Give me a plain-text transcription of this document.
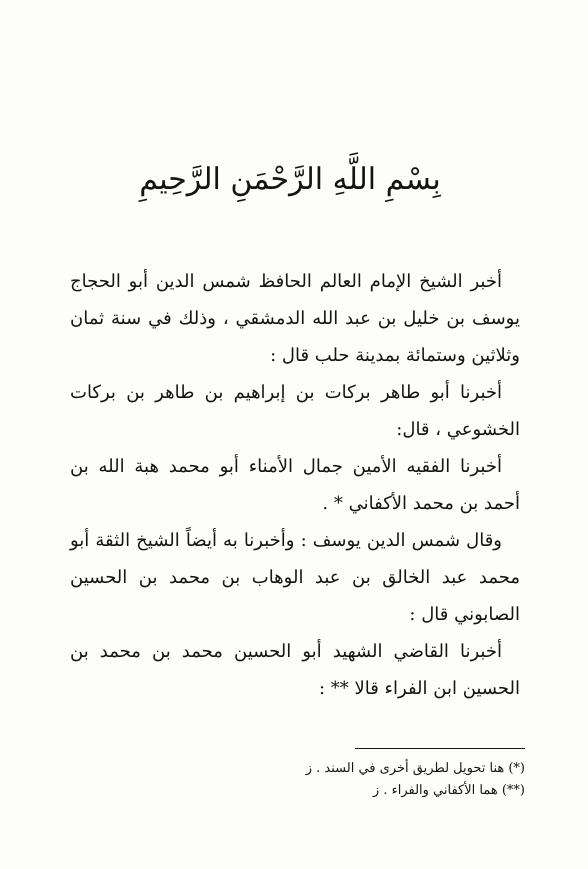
بِسْمِ اللَّهِ الرَّحْمَنِ الرَّحِيمِ

أخبر الشيخ الإمام العالم الحافظ شمس الدين أبو الحجاج يوسف بن خليل بن عبد الله الدمشقي ، وذلك في سنة ثمان وثلاثين وستمائة بمدينة حلب قال :

أخبرنا أبو طاهر بركات بن إبراهيم بن طاهر بن بركات الخشوعي ، قال:

أخبرنا الفقيه الأمين جمال الأمناء أبو محمد هبة الله بن أحمد بن محمد الأكفاني * .

وقال شمس الدين يوسف : وأخبرنا به أيضاً الشيخ الثقة أبو محمد عبد الخالق بن عبد الوهاب بن محمد بن الحسين الصابوني قال :

أخبرنا القاضي الشهيد أبو الحسين محمد بن محمد بن الحسين ابن الفراء قالا ** :

(*) هنا تحويل لطريق أخرى في السند . ز

(**) هما الأكفاني والفراء . ز
